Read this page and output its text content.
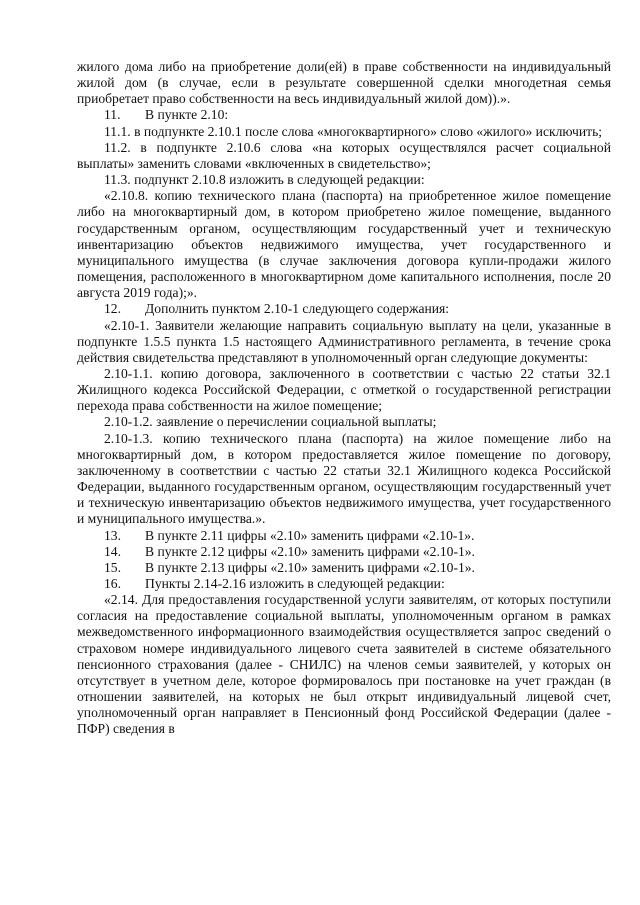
жилого дома либо на приобретение доли(ей) в праве собственности на индивидуальный жилой дом (в случае, если в результате совершенной сделки многодетная семья приобретает право собственности на весь индивидуальный жилой дом)).».

11. В пункте 2.10:

11.1. в подпункте 2.10.1 после слова «многоквартирного» слово «жилого» исключить;

11.2. в подпункте 2.10.6 слова «на которых осуществлялся расчет социальной выплаты» заменить словами «включенных в свидетельство»;

11.3. подпункт 2.10.8 изложить в следующей редакции:

«2.10.8. копию технического плана (паспорта) на приобретенное жилое помещение либо на многоквартирный дом, в котором приобретено жилое помещение, выданного государственным органом, осуществляющим государственный учет и техническую инвентаризацию объектов недвижимого имущества, учет государственного и муниципального имущества (в случае заключения договора купли-продажи жилого помещения, расположенного в многоквартирном доме капитального исполнения, после 20 августа 2019 года);».

12. Дополнить пунктом 2.10-1 следующего содержания:

«2.10-1. Заявители желающие направить социальную выплату на цели, указанные в подпункте 1.5.5 пункта 1.5 настоящего Административного регламента, в течение срока действия свидетельства представляют в уполномоченный орган следующие документы:

2.10-1.1. копию договора, заключенного в соответствии с частью 22 статьи 32.1 Жилищного кодекса Российской Федерации, с отметкой о государственной регистрации перехода права собственности на жилое помещение;

2.10-1.2. заявление о перечислении социальной выплаты;

2.10-1.3. копию технического плана (паспорта) на жилое помещение либо на многоквартирный дом, в котором предоставляется жилое помещение по договору, заключенному в соответствии с частью 22 статьи 32.1 Жилищного кодекса Российской Федерации, выданного государственным органом, осуществляющим государственный учет и техническую инвентаризацию объектов недвижимого имущества, учет государственного и муниципального имущества.».

13. В пункте 2.11 цифры «2.10» заменить цифрами «2.10-1».

14. В пункте 2.12 цифры «2.10» заменить цифрами «2.10-1».

15. В пункте 2.13 цифры «2.10» заменить цифрами «2.10-1».

16. Пункты 2.14-2.16 изложить в следующей редакции:

«2.14. Для предоставления государственной услуги заявителям, от которых поступили согласия на предоставление социальной выплаты, уполномоченным органом в рамках межведомственного информационного взаимодействия осуществляется запрос сведений о страховом номере индивидуального лицевого счета заявителей в системе обязательного пенсионного страхования (далее - СНИЛС) на членов семьи заявителей, у которых он отсутствует в учетном деле, которое формировалось при постановке на учет граждан (в отношении заявителей, на которых не был открыт индивидуальный лицевой счет, уполномоченный орган направляет в Пенсионный фонд Российской Федерации (далее - ПФР) сведения в
